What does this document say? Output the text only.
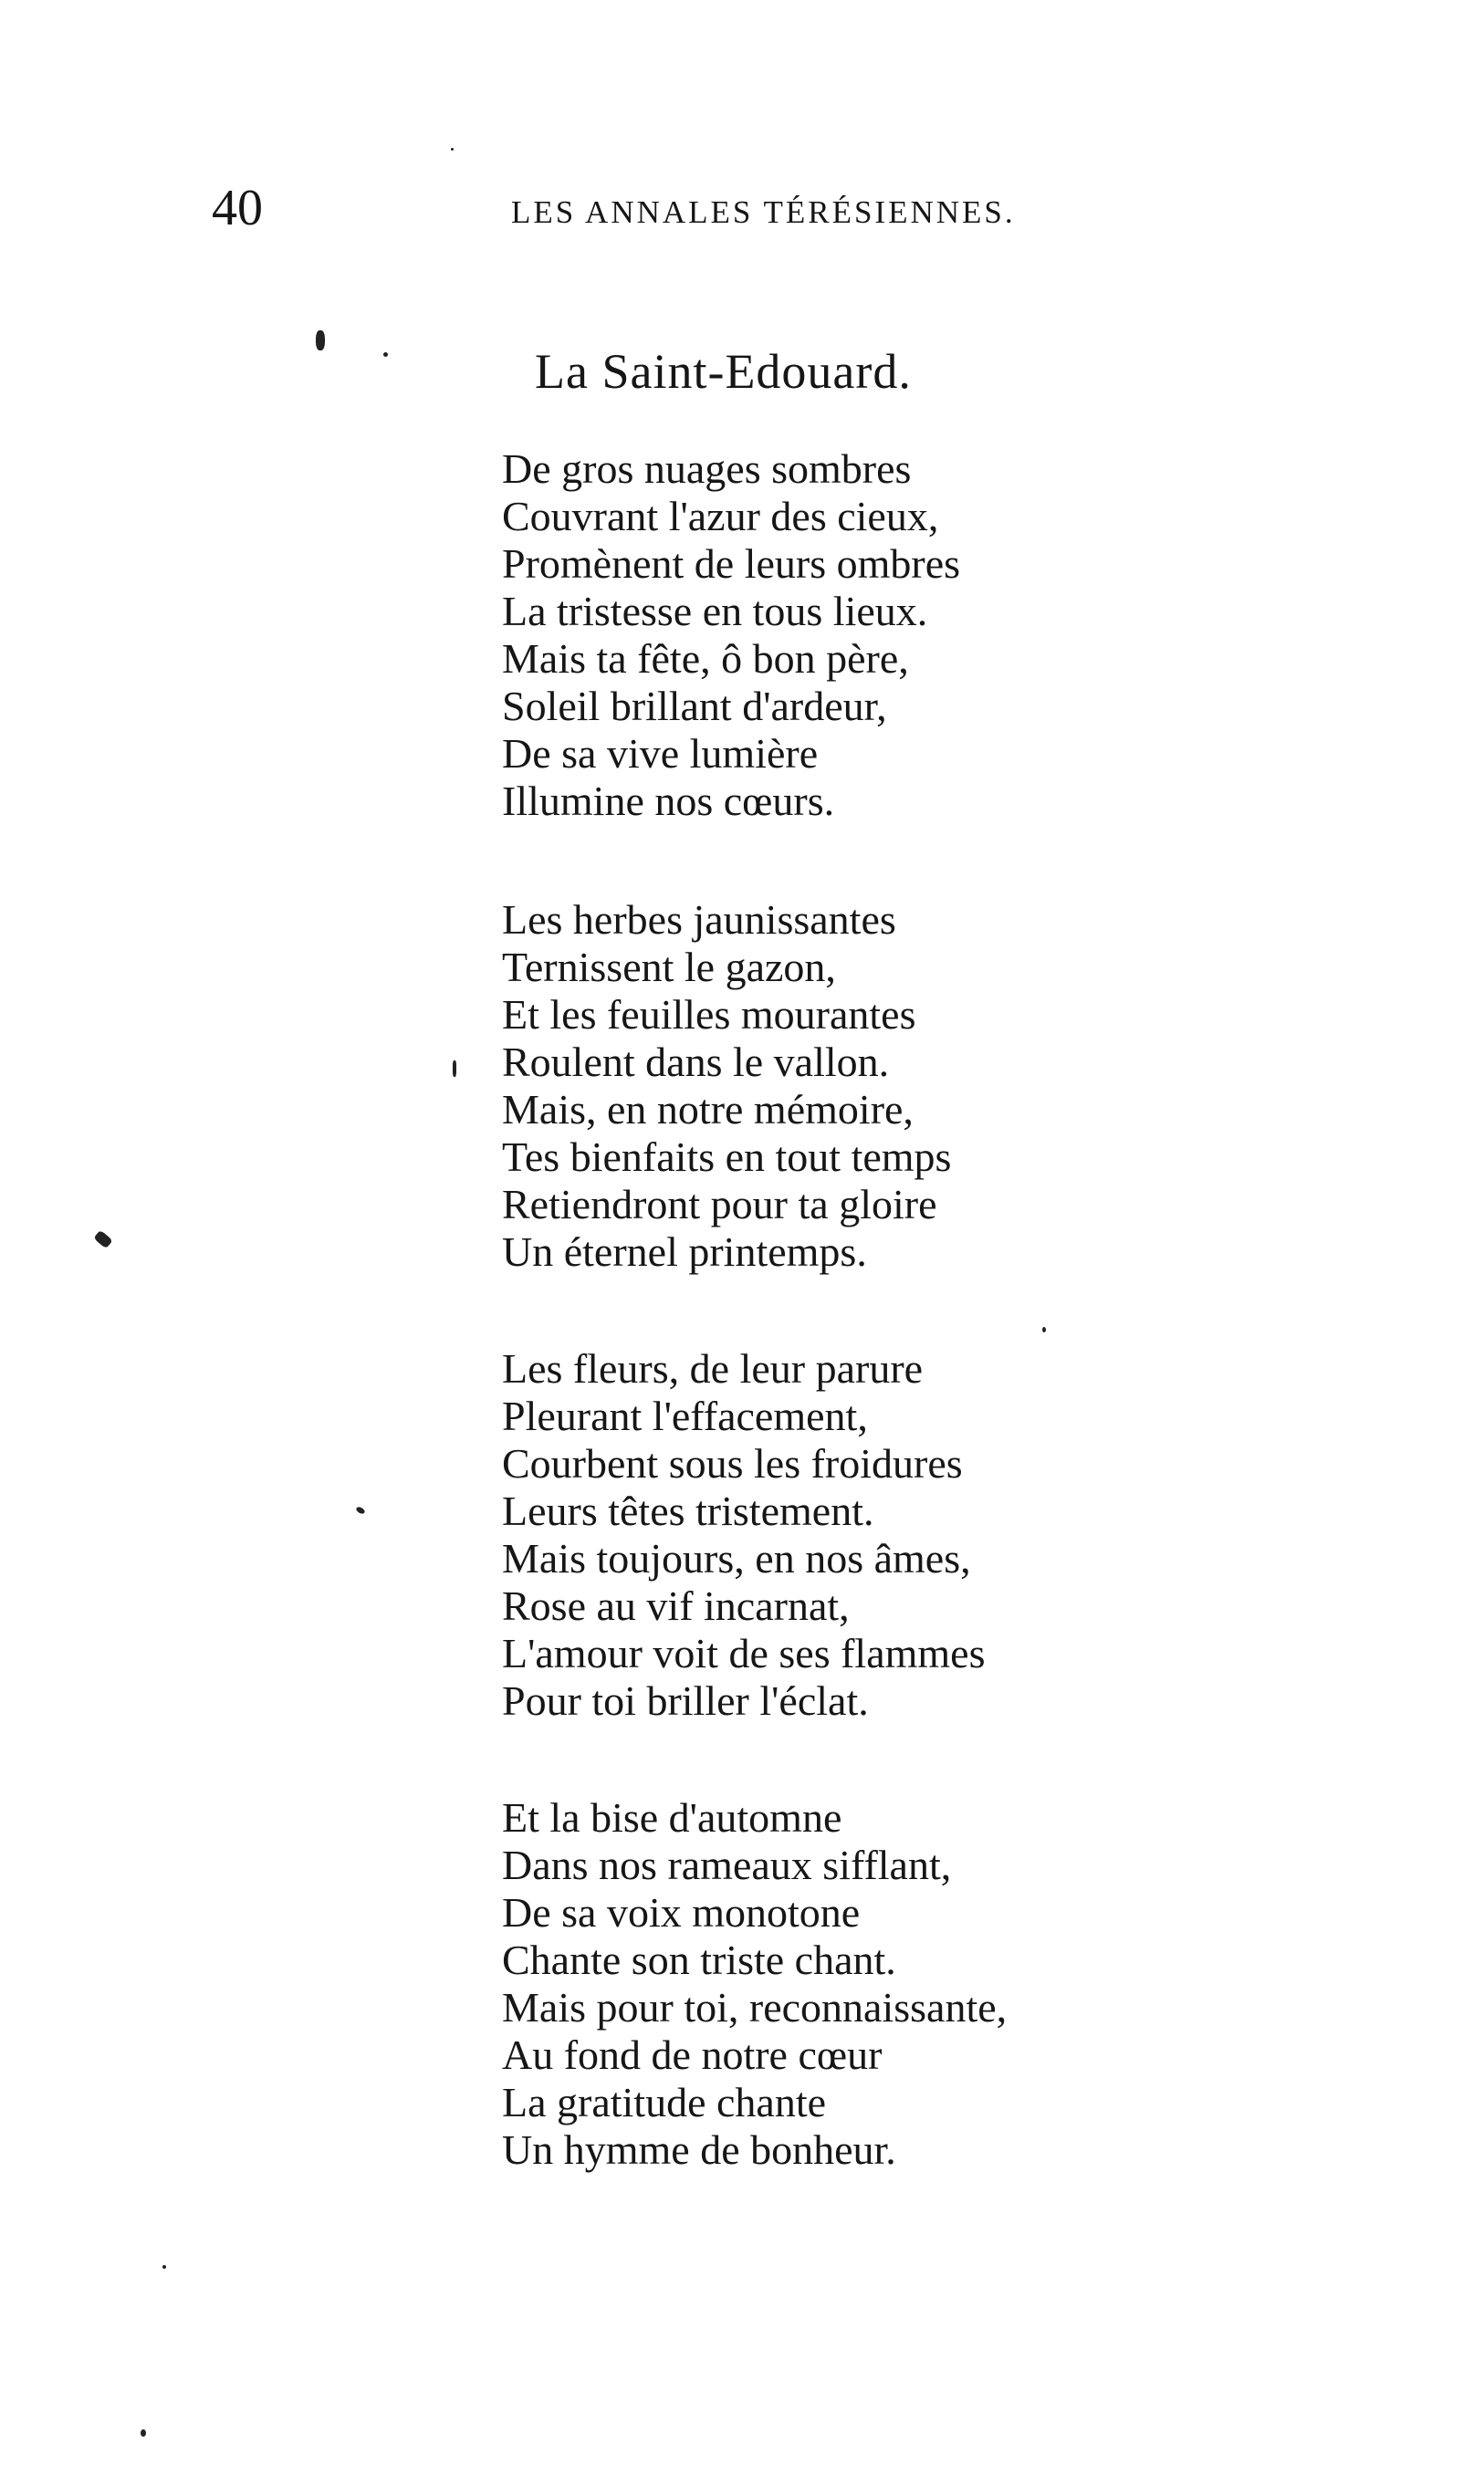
40	LES ANNALES TÉRÉSIENNES.
La Saint-Edouard.
De gros nuages sombres
Couvrant l'azur des cieux,
Promènent de leurs ombres
La tristesse en tous lieux.
Mais ta fête, ô bon père,
Soleil brillant d'ardeur,
De sa vive lumière
Illumine nos cœurs.
Les herbes jaunissantes
Ternissent le gazon,
Et les feuilles mourantes
Roulent dans le vallon.
Mais, en notre mémoire,
Tes bienfaits en tout temps
Retiendront pour ta gloire
Un éternel printemps.
Les fleurs, de leur parure
Pleurant l'effacement,
Courbent sous les froidures
Leurs têtes tristement.
Mais toujours, en nos âmes,
Rose au vif incarnat,
L'amour voit de ses flammes
Pour toi briller l'éclat.
Et la bise d'automne
Dans nos rameaux sifflant,
De sa voix monotone
Chante son triste chant.
Mais pour toi, reconnaissante,
Au fond de notre cœur
La gratitude chante
Un hymme de bonheur.
